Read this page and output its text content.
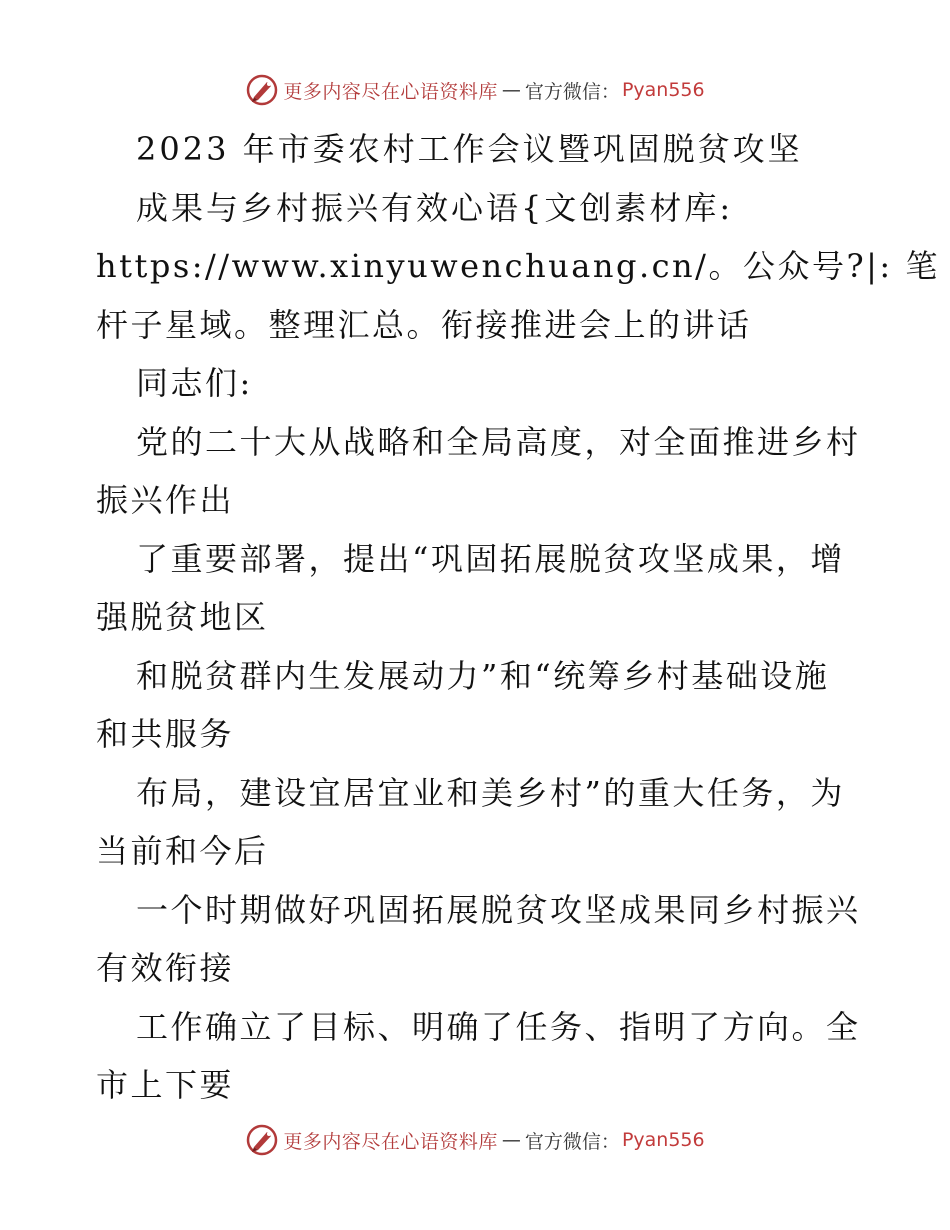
更多内容尽在心语资料库 — 官方微信： Pyan556
2023 年市委农村工作会议暨巩固脱贫攻坚
成果与乡村振兴有效心语{文创素材库:
https://www.xinyuwenchuang.cn/。公众号?|: 笔
杆子星域。整理汇总。衔接推进会上的讲话
同志们:
党的二十大从战略和全局高度，对全面推进乡村
振兴作出
了重要部署，提出“巩固拓展脱贫攻坚成果，增
强脱贫地区
和脱贫群内生发展动力”和“统筹乡村基础设施
和共服务
布局，建设宜居宜业和美乡村”的重大任务，为
当前和今后
一个时期做好巩固拓展脱贫攻坚成果同乡村振兴
有效衔接
工作确立了目标、明确了任务、指明了方向。全
市上下要
更多内容尽在心语资料库 — 官方微信： Pyan556
